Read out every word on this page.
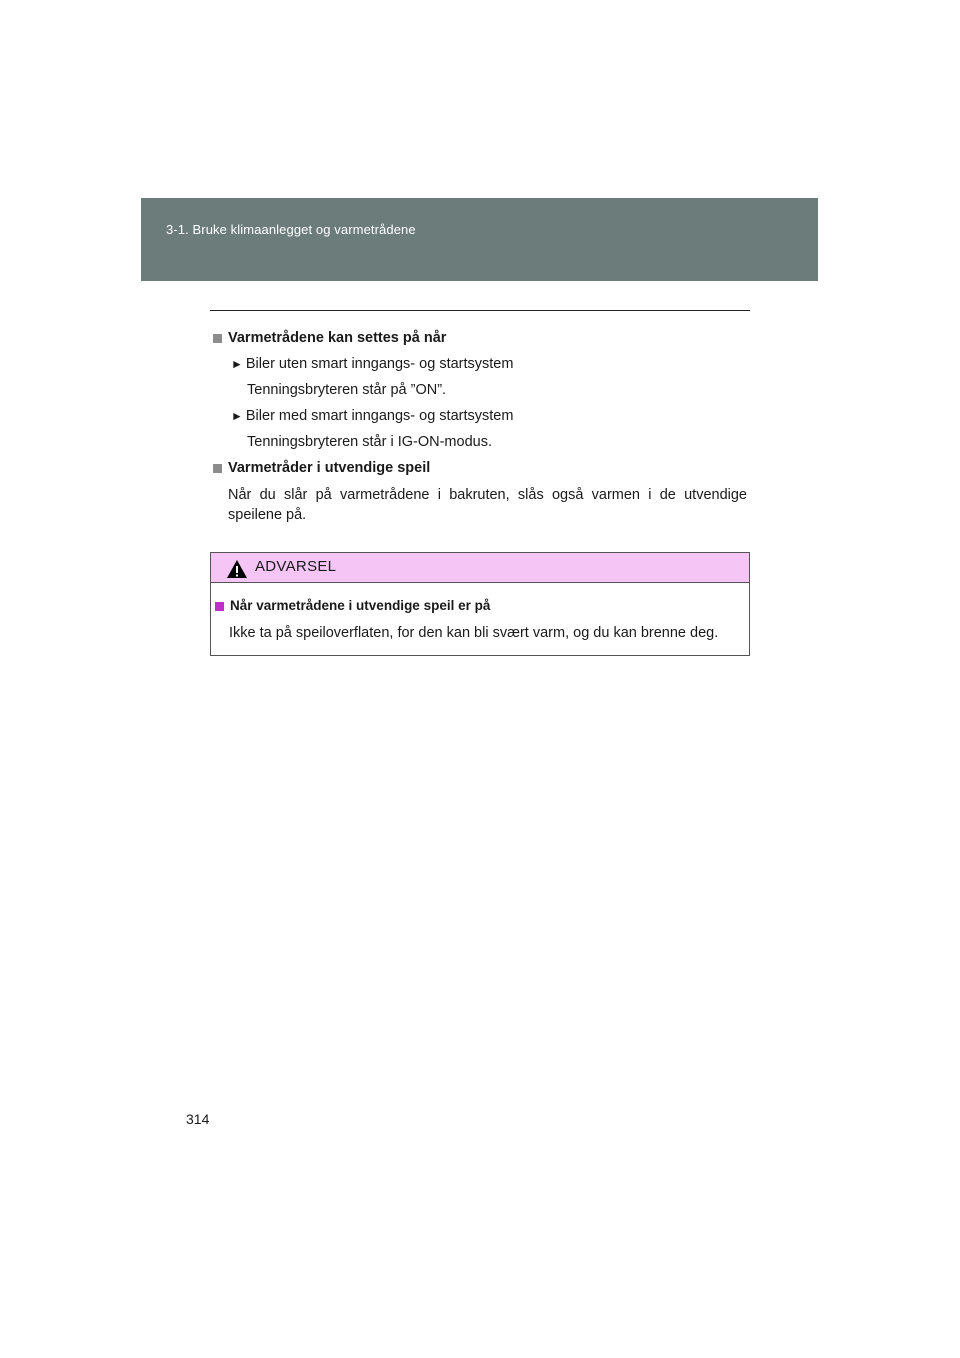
3-1. Bruke klimaanlegget og varmetrådene
Varmetrådene kan settes på når
► Biler uten smart inngangs- og startsystem
Tenningsbryteren står på ”ON”.
► Biler med smart inngangs- og startsystem
Tenningsbryteren står i IG-ON-modus.
Varmetråder i utvendige speil
Når du slår på varmetrådene i bakruten, slås også varmen i de utvendige speilene på.
ADVARSEL
Når varmetrådene i utvendige speil er på
Ikke ta på speiloverflaten, for den kan bli svært varm, og du kan brenne deg.
314
